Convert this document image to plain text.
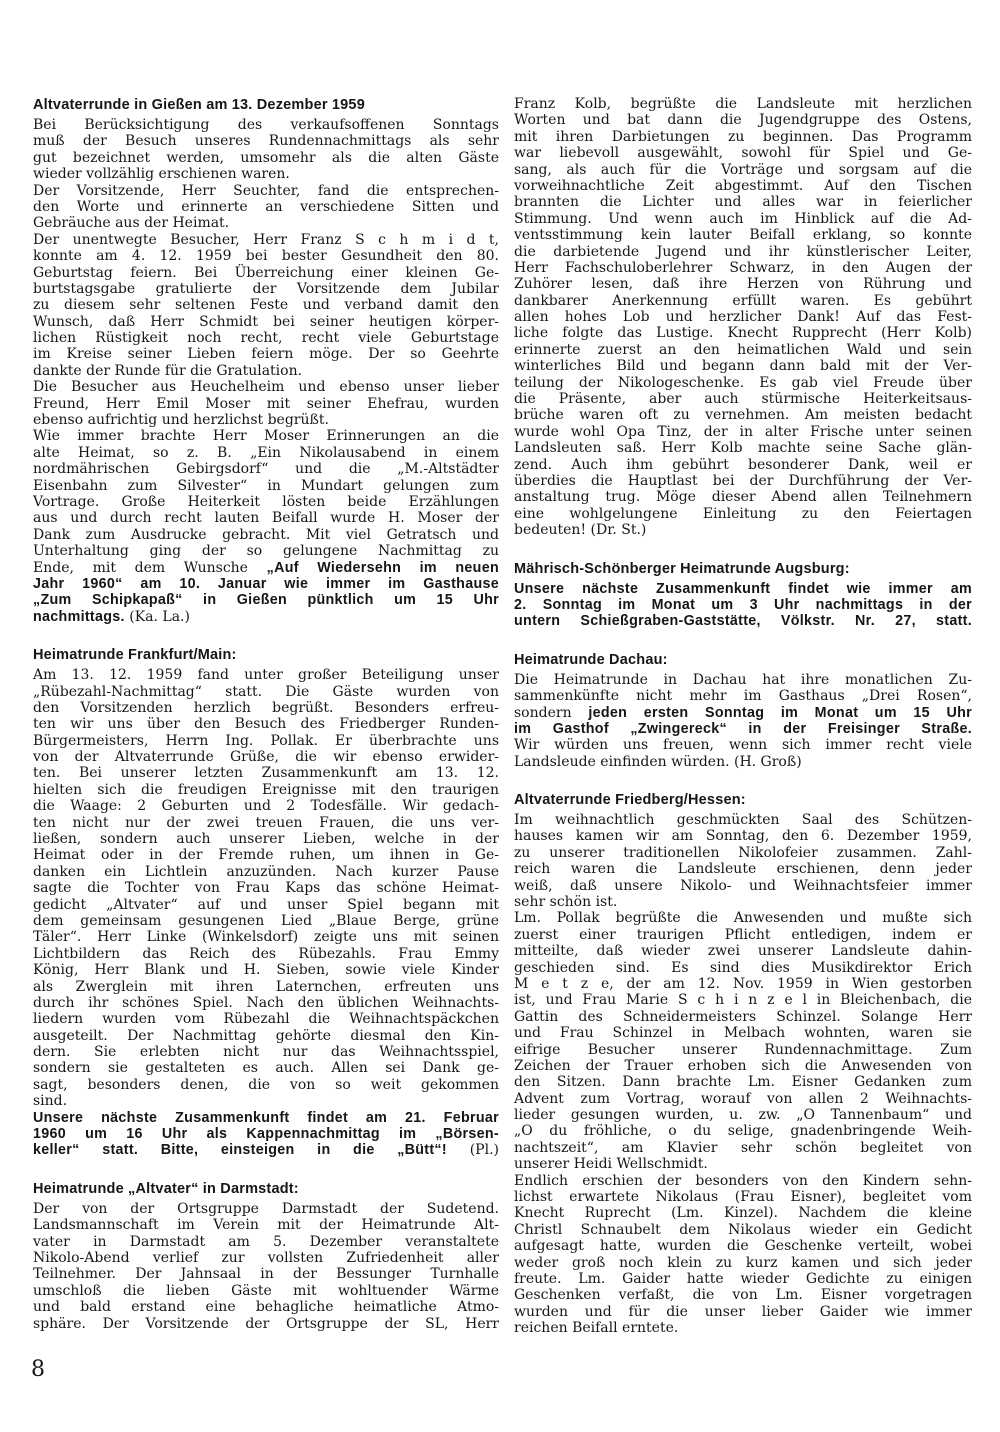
Altvaterrunde in Gießen am 13. Dezember 1959
Bei Berücksichtigung des verkaufsoffenen Sonntags
muß der Besuch unseres Rundennachmittags als sehr
gut bezeichnet werden, umsomehr als die alten Gäste
wieder vollzählig erschienen waren.
Der Vorsitzende, Herr Seuchter, fand die entsprechen-
den Worte und erinnerte an verschiedene Sitten und
Gebräuche aus der Heimat.
Der unentwegte Besucher, Herr Franz S c h m i d t,
konnte am 4. 12. 1959 bei bester Gesundheit den 80.
Geburtstag feiern. Bei Überreichung einer kleinen Ge-
burtstagsgabe gratulierte der Vorsitzende dem Jubilar
zu diesem sehr seltenen Feste und verband damit den
Wunsch, daß Herr Schmidt bei seiner heutigen körper-
lichen Rüstigkeit noch recht, recht viele Geburtstage
im Kreise seiner Lieben feiern möge. Der so Geehrte
dankte der Runde für die Gratulation.
Die Besucher aus Heuchelheim und ebenso unser lieber
Freund, Herr Emil Moser mit seiner Ehefrau, wurden
ebenso aufrichtig und herzlichst begrüßt.
Wie immer brachte Herr Moser Erinnerungen an die
alte Heimat, so z. B. „Ein Nikolausabend in einem
nordmährischen Gebirgsdorf“ und die „M.-Altstädter
Eisenbahn zum Silvester“ in Mundart gelungen zum
Vortrage. Große Heiterkeit lösten beide Erzählungen
aus und durch recht lauten Beifall wurde H. Moser der
Dank zum Ausdrucke gebracht. Mit viel Getratsch und
Unterhaltung ging der so gelungene Nachmittag zu
Ende, mit dem Wunsche „Auf Wiedersehn im neuen
Jahr 1960“ am 10. Januar wie immer im Gasthause
„Zum Schipkapaß“ in Gießen pünktlich um 15 Uhr
nachmittags. (Ka. La.)
Heimatrunde Frankfurt/Main:
Am 13. 12. 1959 fand unter großer Beteiligung unser
„Rübezahl-Nachmittag“ statt. Die Gäste wurden von
den Vorsitzenden herzlich begrüßt. Besonders erfreu-
ten wir uns über den Besuch des Friedberger Runden-
Bürgermeisters, Herrn Ing. Pollak. Er überbrachte uns
von der Altvaterrunde Grüße, die wir ebenso erwider-
ten. Bei unserer letzten Zusammenkunft am 13. 12.
hielten sich die freudigen Ereignisse mit den traurigen
die Waage: 2 Geburten und 2 Todesfälle. Wir gedach-
ten nicht nur der zwei treuen Frauen, die uns ver-
ließen, sondern auch unserer Lieben, welche in der
Heimat oder in der Fremde ruhen, um ihnen in Ge-
danken ein Lichtlein anzuzünden. Nach kurzer Pause
sagte die Tochter von Frau Kaps das schöne Heimat-
gedicht „Altvater“ auf und unser Spiel begann mit
dem gemeinsam gesungenen Lied „Blaue Berge, grüne
Täler“. Herr Linke (Winkelsdorf) zeigte uns mit seinen
Lichtbildern das Reich des Rübezahls. Frau Emmy
König, Herr Blank und H. Sieben, sowie viele Kinder
als Zwerglein mit ihren Laternchen, erfreuten uns
durch ihr schönes Spiel. Nach den üblichen Weihnachts-
liedern wurden vom Rübezahl die Weihnachtspäckchen
ausgeteilt. Der Nachmittag gehörte diesmal den Kin-
dern. Sie erlebten nicht nur das Weihnachtsspiel,
sondern sie gestalteten es auch. Allen sei Dank ge-
sagt, besonders denen, die von so weit gekommen
sind.
Unsere nächste Zusammenkunft findet am 21. Februar
1960 um 16 Uhr als Kappennachmittag im „Börsen-
keller“ statt. Bitte, einsteigen in die „Bütt“! (Pl.)
Heimatrunde „Altvater“ in Darmstadt:
Der von der Ortsgruppe Darmstadt der Sudetend.
Landsmannschaft im Verein mit der Heimatrunde Alt-
vater in Darmstadt am 5. Dezember veranstaltete
Nikolo-Abend verlief zur vollsten Zufriedenheit aller
Teilnehmer. Der Jahnsaal in der Bessunger Turnhalle
umschloß die lieben Gäste mit wohltuender Wärme
und bald erstand eine behagliche heimatliche Atmo-
sphäre. Der Vorsitzende der Ortsgruppe der SL, Herr
Franz Kolb, begrüßte die Landsleute mit herzlichen
Worten und bat dann die Jugendgruppe des Ostens,
mit ihren Darbietungen zu beginnen. Das Programm
war liebevoll ausgewählt, sowohl für Spiel und Ge-
sang, als auch für die Vorträge und sorgsam auf die
vorweihnachtliche Zeit abgestimmt. Auf den Tischen
brannten die Lichter und alles war in feierlicher
Stimmung. Und wenn auch im Hinblick auf die Ad-
ventsstimmung kein lauter Beifall erklang, so konnte
die darbietende Jugend und ihr künstlerischer Leiter,
Herr Fachschuloberlehrer Schwarz, in den Augen der
Zuhörer lesen, daß ihre Herzen von Rührung und
dankbarer Anerkennung erfüllt waren. Es gebührt
allen hohes Lob und herzlicher Dank! Auf das Fest-
liche folgte das Lustige. Knecht Rupprecht (Herr Kolb)
erinnerte zuerst an den heimatlichen Wald und sein
winterliches Bild und begann dann bald mit der Ver-
teilung der Nikologeschenke. Es gab viel Freude über
die Präsente, aber auch stürmische Heiterkeitsaus-
brüche waren oft zu vernehmen. Am meisten bedacht
wurde wohl Opa Tinz, der in alter Frische unter seinen
Landsleuten saß. Herr Kolb machte seine Sache glän-
zend. Auch ihm gebührt besonderer Dank, weil er
überdies die Hauptlast bei der Durchführung der Ver-
anstaltung trug. Möge dieser Abend allen Teilnehmern
eine wohlgelungene Einleitung zu den Feiertagen
bedeuten! (Dr. St.)
Mährisch-Schönberger Heimatrunde Augsburg:
Unsere nächste Zusammenkunft findet wie immer am
2. Sonntag im Monat um 3 Uhr nachmittags in der
untern Schießgraben-Gaststätte, Völkstr. Nr. 27, statt.
Heimatrunde Dachau:
Die Heimatrunde in Dachau hat ihre monatlichen Zu-
sammenkünfte nicht mehr im Gasthaus „Drei Rosen“,
sondern jeden ersten Sonntag im Monat um 15 Uhr
im Gasthof „Zwingereck“ in der Freisinger Straße.
Wir würden uns freuen, wenn sich immer recht viele
Landsleude einfinden würden. (H. Groß)
Altvaterrunde Friedberg/Hessen:
Im weihnachtlich geschmückten Saal des Schützen-
hauses kamen wir am Sonntag, den 6. Dezember 1959,
zu unserer traditionellen Nikolofeier zusammen. Zahl-
reich waren die Landsleute erschienen, denn jeder
weiß, daß unsere Nikolo- und Weihnachtsfeier immer
sehr schön ist.
Lm. Pollak begrüßte die Anwesenden und mußte sich
zuerst einer traurigen Pflicht entledigen, indem er
mitteilte, daß wieder zwei unserer Landsleute dahin-
geschieden sind. Es sind dies Musikdirektor Erich
M e t z e, der am 12. Nov. 1959 in Wien gestorben
ist, und Frau Marie S c h i n z e l in Bleichenbach, die
Gattin des Schneidermeisters Schinzel. Solange Herr
und Frau Schinzel in Melbach wohnten, waren sie
eifrige Besucher unserer Rundennachmittage. Zum
Zeichen der Trauer erhoben sich die Anwesenden von
den Sitzen. Dann brachte Lm. Eisner Gedanken zum
Advent zum Vortrag, worauf von allen 2 Weihnachts-
lieder gesungen wurden, u. zw. „O Tannenbaum“ und
„O du fröhliche, o du selige, gnadenbringende Weih-
nachtszeit“, am Klavier sehr schön begleitet von
unserer Heidi Wellschmidt.
Endlich erschien der besonders von den Kindern sehn-
lichst erwartete Nikolaus (Frau Eisner), begleitet vom
Knecht Ruprecht (Lm. Kinzel). Nachdem die kleine
Christl Schnaubelt dem Nikolaus wieder ein Gedicht
aufgesagt hatte, wurden die Geschenke verteilt, wobei
weder groß noch klein zu kurz kamen und sich jeder
freute. Lm. Gaider hatte wieder Gedichte zu einigen
Geschenken verfaßt, die von Lm. Eisner vorgetragen
wurden und für die unser lieber Gaider wie immer
reichen Beifall erntete.
8
